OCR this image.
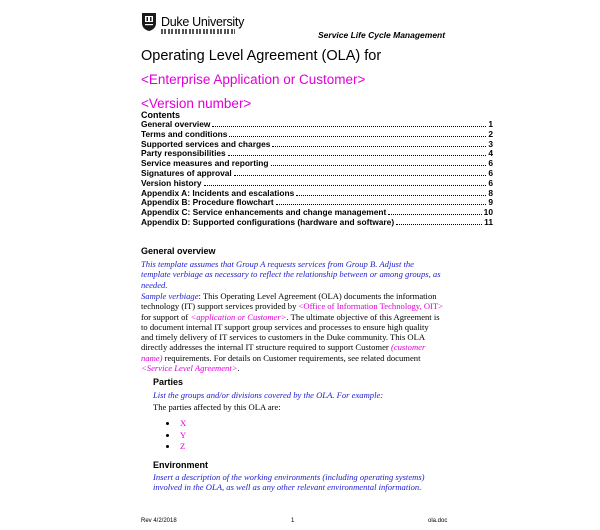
Duke University
Service Life Cycle Management
Operating Level Agreement (OLA) for
<Enterprise Application or Customer>
<Version number>
Contents
General overview	1
Terms and conditions	2
Supported services and charges	3
Party responsibilities	4
Service measures and reporting	6
Signatures of approval	6
Version history	6
Appendix A: Incidents and escalations	8
Appendix B: Procedure flowchart	9
Appendix C: Service enhancements and change management	10
Appendix D: Supported configurations (hardware and software)	11
General overview
This template assumes that Group A requests services from Group B. Adjust the template verbiage as necessary to reflect the relationship between or among groups, as needed.
Sample verbiage: This Operating Level Agreement (OLA) documents the information technology (IT) support services provided by <Office of Information Technology, OIT> for support of <application or Customer>. The ultimate objective of this Agreement is to document internal IT support group services and processes to ensure high quality and timely delivery of IT services to customers in the Duke community. This OLA directly addresses the internal IT structure required to support Customer (customer name) requirements. For details on Customer requirements, see related document <Service Level Agreement>.
Parties
List the groups and/or divisions covered by the OLA. For example:
The parties affected by this OLA are:
X
Y
Z
Environment
Insert a description of the working environments (including operating systems) involved in the OLA, as well as any other relevant environmental information.
Rev 4/2/2018	1	ola.doc
